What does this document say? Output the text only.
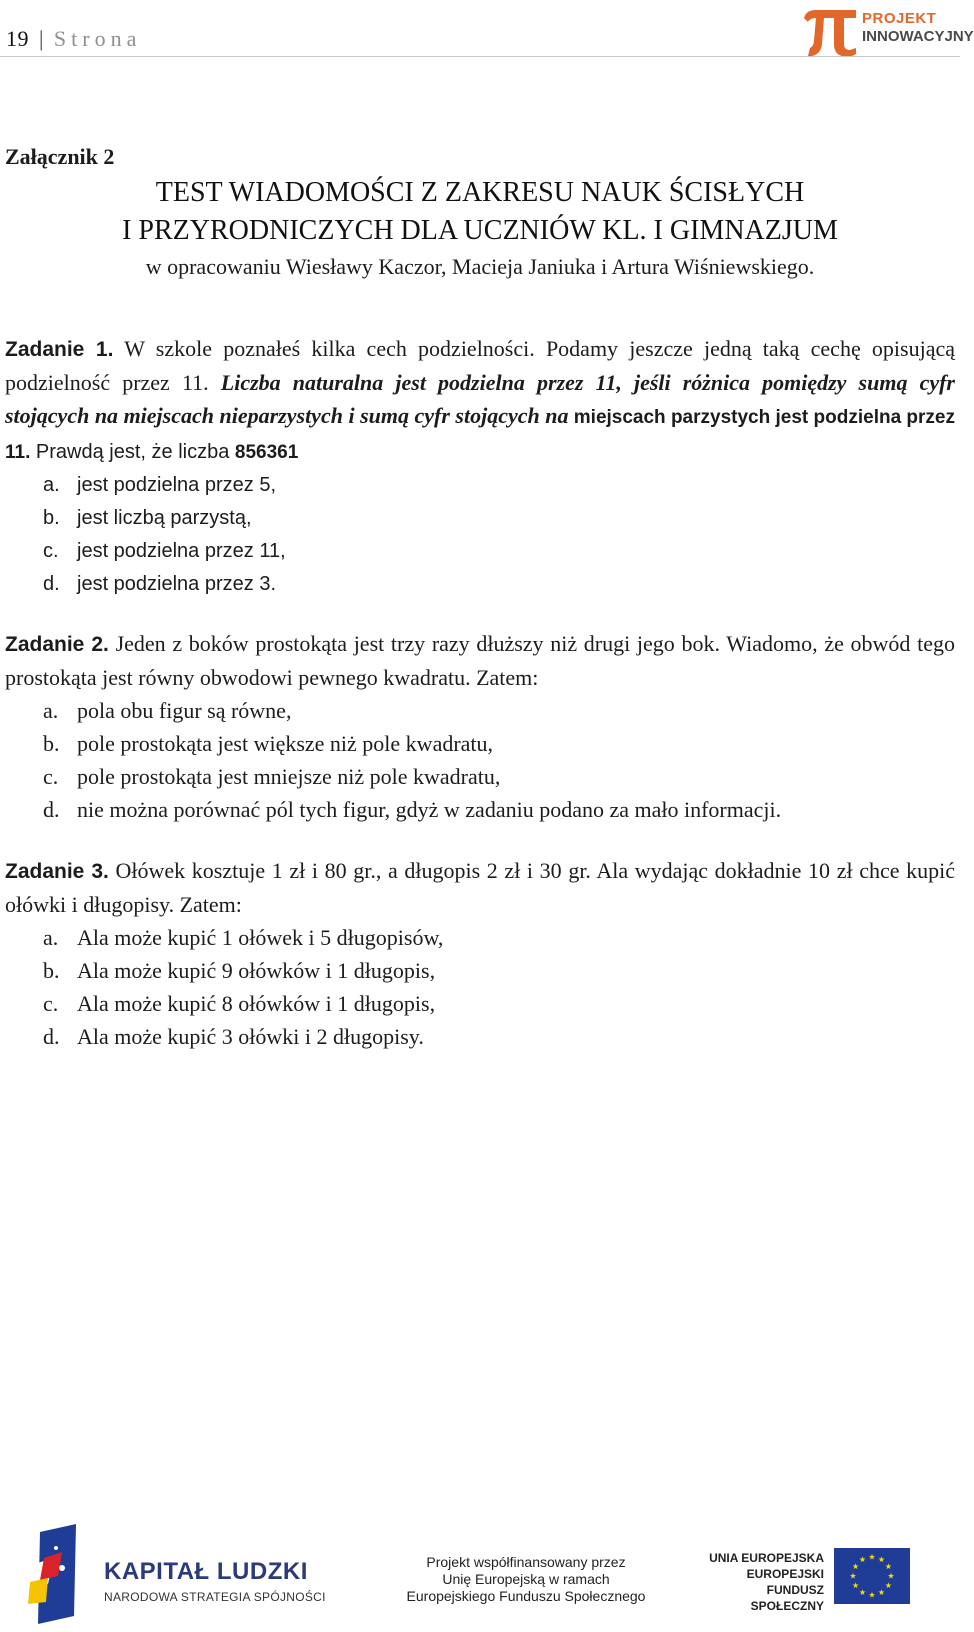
19 | Strona
PROJEKT
INNOWACYJNY

Załącznik 2

TEST WIADOMOŚCI Z ZAKRESU NAUK ŚCISŁYCH

I PRZYRODNICZYCH DLA UCZNIÓW KL. I GIMNAZJUM

w opracowaniu Wiesławy Kaczor, Macieja Janiuka i Artura Wiśniewskiego.

Zadanie 1. W szkole poznałeś kilka cech podzielności. Podamy jeszcze jedną taką cechę opisującą podzielność przez 11. Liczba naturalna jest podzielna przez 11, jeśli różnica pomiędzy sumą cyfr stojących na miejscach nieparzystych i sumą cyfr stojących na miejscach parzystych jest podzielna przez 11. Prawdą jest, że liczba 856361

a. jest podzielna przez 5,
b. jest liczbą parzystą,
c. jest podzielna przez 11,
d. jest podzielna przez 3.

Zadanie 2. Jeden z boków prostokąta jest trzy razy dłuższy niż drugi jego bok. Wiadomo, że obwód tego prostokąta jest równy obwodowi pewnego kwadratu. Zatem:

a. pola obu figur są równe,
b. pole prostokąta jest większe niż pole kwadratu,
c. pole prostokąta jest mniejsze niż pole kwadratu,
d. nie można porównać pól tych figur, gdyż w zadaniu podano za mało informacji.

Zadanie 3. Ołówek kosztuje 1 zł i 80 gr., a długopis 2 zł i 30 gr. Ala wydając dokładnie 10 zł chce kupić ołówki i długopisy. Zatem:

a. Ala może kupić 1 ołówek i 5 długopisów,
b. Ala może kupić 9 ołówków i 1 długopis,
c. Ala może kupić 8 ołówków i 1 długopis,
d. Ala może kupić 3 ołówki i 2 długopisy.
KAPITAŁ LUDZKI
NARODOWA STRATEGIA SPÓJNOŚCI
Projekt współfinansowany przez
Unię Europejską w ramach
Europejskiego Funduszu Społecznego
UNIA EUROPEJSKA
EUROPEJSKI
FUNDUSZ SPOŁECZNY
